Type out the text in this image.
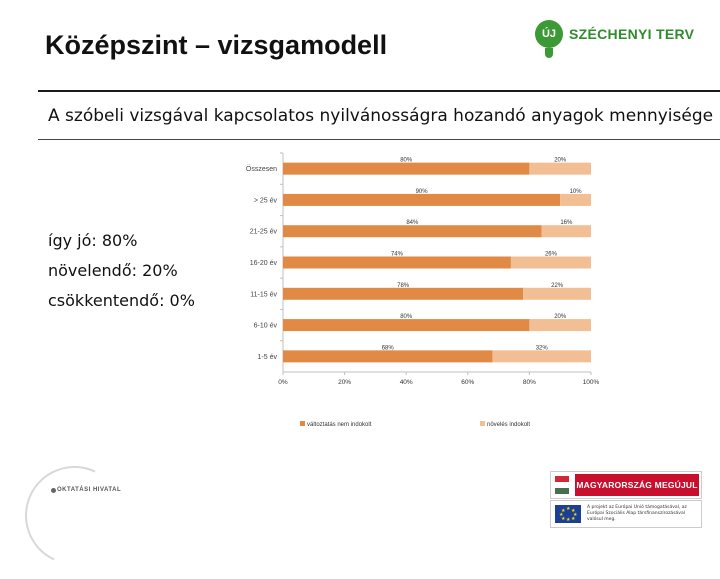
Középszint – vizsgamodell	ÚJ SZÉCHENYI TERV
A szóbeli vizsgával kapcsolatos nyilvánosságra hozandó anyagok mennyisége
így jó: 80%
növelendő: 20%
csökkentendő: 0%
0%	20%	40%	60%	80%	100%
Összesen
80%	20%
> 25 év
90%	10%
21-25 év
84%	16%
16-20 év
74%	26%
11-15 év
78%	22%
6-10 év
80%	20%
1-5 év
68%	32%
változtatás nem indokolt	növelés indokolt
OKTATÁSI HIVATAL	MAGYARORSZÁG MEGÚJUL
★ ★
★
★
★
★
★
★
A projekt az Európai Unió támogatásával, az Európai Szociális Alap társfinanszírozásával valósul meg.
